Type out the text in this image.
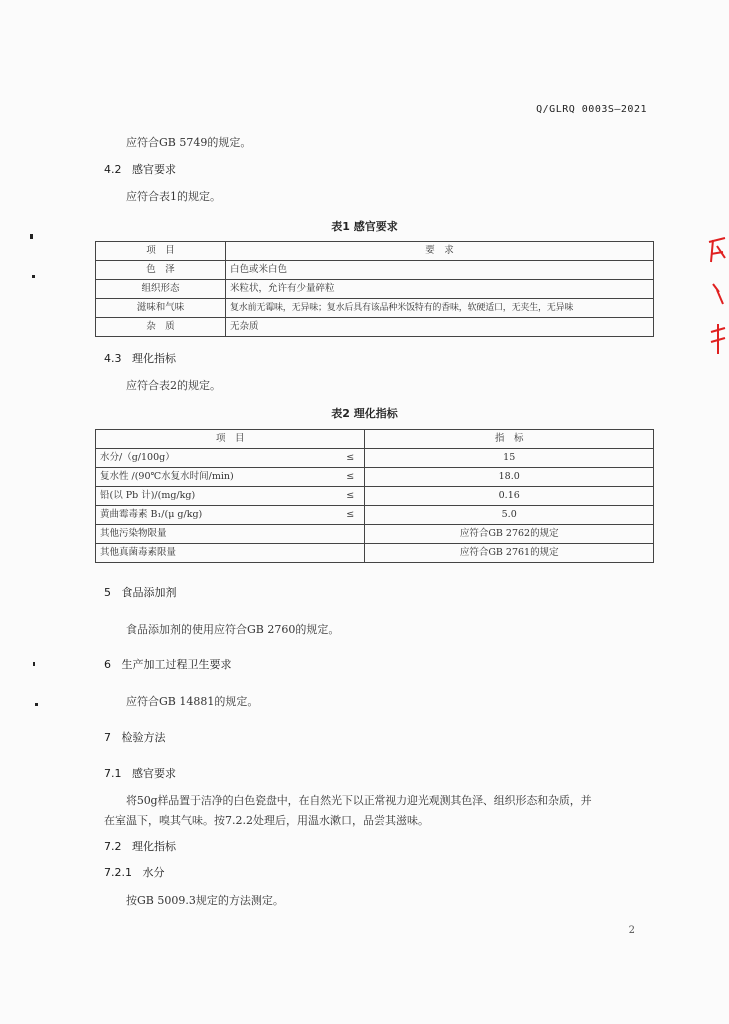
Q/GLRQ 0003S—2021
应符合GB 5749的规定。
4.2 感官要求
应符合表1的规定。
表1 感官要求
项　目	要　求
色　泽	白色或米白色
组织形态	米粒状，允许有少量碎粒
滋味和气味	复水前无霉味，无异味；复水后具有该品种米饭特有的香味，软硬适口，无夹生，无异味
杂　质	无杂质
4.3 理化指标
应符合表2的规定。
表2 理化指标
项　目		指　标
水分/（g/100g）	≤	15
复水性 /(90℃水复水时间/min)	≤	18.0
铅(以 Pb 计)/(mg/kg)	≤	0.16
黄曲霉毒素 B₁/(μ g/kg)	≤	5.0
其他污染物限量		应符合GB 2762的规定
其他真菌毒素限量		应符合GB 2761的规定
5 食品添加剂
食品添加剂的使用应符合GB 2760的规定。
6 生产加工过程卫生要求
应符合GB 14881的规定。
7 检验方法
7.1 感官要求
将50g样品置于洁净的白色瓷盘中，在自然光下以正常视力迎光观测其色泽、组织形态和杂质，并
在室温下，嗅其气味。按7.2.2处理后，用温水漱口，品尝其滋味。
7.2 理化指标
7.2.1 水分
按GB 5009.3规定的方法测定。
2
